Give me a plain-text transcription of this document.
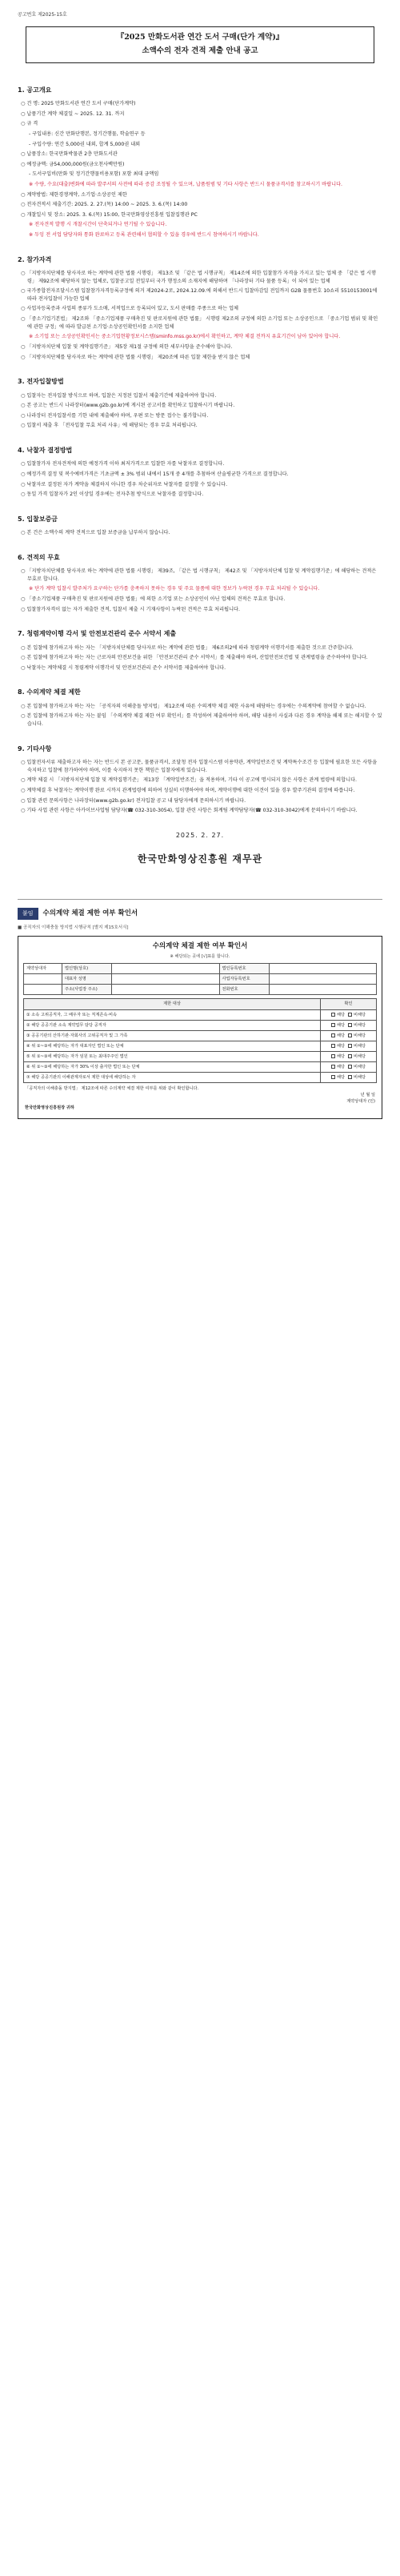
공고번호 제2025-15호
『2025 만화도서관 연간 도서 구매(단가 계약)』
소액수의 전자 견적 제출 안내 공고
1. 공고개요
○ 건 명: 2025 만화도서관 연간 도서 구매(단가계약)
○ 납품기간 계약 체결일 ~ 2025. 12. 31. 까지
○ 규 격
- 구입내용: 신간 만화단행본, 정기간행물, 학술연구 등
- 구입수량: 연간 5,000권 내외, 합계 5,000권 내외
○ 납품장소: 한국만화박물관 2층 만화도서관
○ 예정금액: 금54,000,000원(금오천사백만원)
- 도서구입비(만화 및 정기간행물비용포함) 포함 최대 금액임
※ 수량, 수요(대출)변화에 따라 발주서의 사전에 따라 증감 조정될 수 있으며, 납품원범 및 기타 사항은 반드시 물품규격서를 참고하시기 바랍니다.
○ 계약방법: 제한경쟁계약, 소기업·소상공인 제한
○ 전자견적서 제출기간: 2025. 2. 27.(목) 14:00 ~ 2025. 3. 6.(목) 14:00
○ 개찰일시 및 장소: 2025. 3. 6.(목) 15:00, 한국만화영상진흥원 입찰집행관 PC
※ 전자견적 발행 시 개찰시간이 단축되거나 연기될 수 있습니다.
※ 두잉 전 서업 담당자와 통화 완료하고 등록 관련해서 협의할 수 있을 경우에 반드시 참여하시기 바랍니다.
2. 참가자격
○ 「지방자치단체를 당사자로 하는 계약에 관한 법률 시행령」 제13조 및 「같은 법 시행규칙」 제14조에 의한 입찰참가 자격을 가지고 있는 업체 중 「같은 법 시행령」 제92조에 해당하지 않는 업체로, 입찰공고일 전일부터 국가 행정소의 소재지에 해당하며 「나라장터 기타 물품 등록」이 되어 있는 업체
○ 국가종합전자조달시스템 입찰참가자격등록규정에 의거 제2024-2로, 2024.12.09.에 의해서 반드시 입찰마감일 전일까지 G2B 물품번호 10쇼리 5510153001에 따라 전자입찰이 가능한 업체
○ 사업자등록증과 사업의 종류가 도소매, 서적업으로 등록되어 있고, 도서 판매를 주종으로 하는 업체
○ 「중소기업기본법」 제2조와 「중소기업제품 구매촉진 및 판로지원에 관한 법률」 시행령 제2조의 규정에 의한 소기업 또는 소상공인으로 「중소기업 범위 및 확인에 관한 규정」에 따라 발급된 소기업·소상공인확인서를 소지한 업체
※ 소기업 또는 소상공인확인서는 중소기업현황정보시스템(sminfo.mss.go.kr)에서 확인하고, 계약 체결 전까지 유효기간이 남아 있어야 합니다.
○ 「지방자치단체 입찰 및 계약집행기준」 제5장 제1절 규정에 의한 세부사항을 준수해야 합니다.
○ 「지방자치단체를 당사자로 하는 계약에 관한 법률 시행령」 제20조에 따른 입찰 제한을 받지 않은 업체
3. 전자입찰방법
○ 입찰자는 전자입찰 방식으로 하며, 입찰은 지정된 입찰서 제출기간에 제출하여야 합니다.
○ 본 공고는 반드시 나라장터(www.g2b.go.kr)에 게시된 공고서를 확인하고 입찰하시기 바랍니다.
○ 나라장터 전자입찰서를 기한 내에 제출해야 하며, 우편 또는 방문 접수는 불가합니다.
○ 입찰서 제출 후 「전자입찰 무효 처리 사유」에 해당되는 경우 무효 처리됩니다.
4. 낙찰자 결정방법
○ 입찰참가자 전자견적에 의한 예정가격 이하 최저가격으로 입찰한 자를 낙찰자로 결정합니다.
○ 예정가격 결정 및 복수예비가격은 기초금액 ± 3% 범위 내에서 15개 중 4개를 추첨하여 산술평균한 가격으로 결정합니다.
○ 낙찰자로 결정된 자가 계약을 체결하지 아니한 경우 차순위자로 낙찰자를 결정할 수 있습니다.
○ 동일 가격 입찰자가 2인 이상일 경우에는 전자추첨 방식으로 낙찰자를 결정합니다.
5. 입찰보증금
○ 본 건은 소액수의 계약 견적으로 입찰 보증금을 납부하지 않습니다.
6. 견적의 무효
○ 「지방자치단체를 당사자로 하는 계약에 관한 법률 시행령」 제39조, 「같은 법 시행규칙」 제42조 및 「지방자치단체 입찰 및 계약집행기준」에 해당하는 견적은 무효로 합니다.
※ 단가 계약 입찰시 발주처가 요구하는 단가를 충족하지 못하는 경우 및 주요 물품에 대한 정보가 누락된 경우 무효 처리될 수 있습니다.
○ 「중소기업제품 구매촉진 및 판로지원에 관한 법률」에 의한 소기업 또는 소상공인이 아닌 업체의 견적은 무효로 합니다.
○ 입찰참가자격이 없는 자가 제출한 견적, 입찰서 제출 시 기재사항이 누락된 견적은 무효 처리됩니다.
7. 청렴계약이행 각서 및 안전보건관리 준수 서약서 제출
○ 본 입찰에 참가하고자 하는 자는 「지방자치단체를 당사자로 하는 계약에 관한 법률」 제6조의2에 따라 청렴계약 이행각서를 제출한 것으로 간주합니다.
○ 본 입찰에 참가하고자 하는 자는 근로자의 안전보건을 위한 「안전보건관리 준수 서약서」를 제출해야 하며, 산업안전보건법 및 관계법령을 준수하여야 합니다.
○ 낙찰자는 계약체결 시 청렴계약 이행각서 및 안전보건관리 준수 서약서를 제출하여야 합니다.
8. 수의계약 체결 제한
○ 본 입찰에 참가하고자 하는 자는 「공직자의 이해충돌 방지법」 제12조에 따른 수의계약 체결 제한 사유에 해당하는 경우에는 수의계약에 참여할 수 없습니다.
○ 본 입찰에 참가하고자 하는 자는 붙임 「수의계약 체결 제한 여부 확인서」를 작성하여 제출하여야 하며, 해당 내용이 사실과 다른 경우 계약을 해제 또는 해지할 수 있습니다.
9. 기타사항
○ 입찰전자서류 제출하고자 하는 자는 반드시 본 공고문, 물품규격서, 조달청 전자 입찰시스템 이용약관, 계약일반조건 및 계약특수조건 등 입찰에 필요한 모든 사항을 숙지하고 입찰에 참가하여야 하며, 이를 숙지하지 못한 책임은 입찰자에게 있습니다.
○ 계약 체결 시 「지방자치단체 입찰 및 계약집행기준」 제13장 「계약일반조건」을 적용하며, 기타 이 공고에 명시되지 않은 사항은 관계 법령에 의합니다.
○ 계약체결 후 낙찰자는 계약이행 완료 시까지 관계법령에 의하여 성실히 이행하여야 하며, 계약이행에 대한 이견이 있을 경우 발주기관의 결정에 따릅니다.
○ 입찰 관련 문의사항은 나라장터(www.g2b.go.kr) 전자입찰 공고 내 담당자에게 문의하시기 바랍니다.
○ 기타 사업 관련 사항은 아카이브사업팀 담당자(☎ 032-310-3054), 입찰 관련 사항은 회계팀 계약담당자(☎ 032-310-3042)에게 문의하시기 바랍니다.
2025. 2. 27.
한국만화영상진흥원 재무관
붙임	수의계약 체결 제한 여부 확인서
■ 공직자의 이해충돌 방지법 시행규칙 [별지 제15호서식]
수의계약 체결 제한 여부 확인서
※ 해당되는 곳에 [√]표를 합니다.
계약상대자	법인명(상호)		법인등록번호	
	대표자 성명		사업자등록번호	
	주소(사업장 주소)		전화번호	
제한 대상	확인
① 소속 고위공직자, 그 배우자 또는 직계존속·비속	해당 비해당
② 해당 공공기관 소속 계약업무 담당 공직자	해당 비해당
③ 공공기관의 산하기관·자회사의 고위공직자 및 그 가족	해당 비해당
④ 위 ①~③에 해당하는 자가 대표자인 법인 또는 단체	해당 비해당
⑤ 위 ①~③에 해당하는 자가 임원 또는 최대주주인 법인	해당 비해당
⑥ 위 ①~③에 해당하는 자가 30% 이상 출자한 법인 또는 단체	해당 비해당
⑦ 해당 공공기관의 이해관계자로서 제한 대상에 해당하는 자	해당 비해당
「공직자의 이해충돌 방지법」 제12조에 따른 수의계약 체결 제한 여부를 위와 같이 확인합니다.
년 월 일
계약상대자 (인)
한국만화영상진흥원장 귀하
